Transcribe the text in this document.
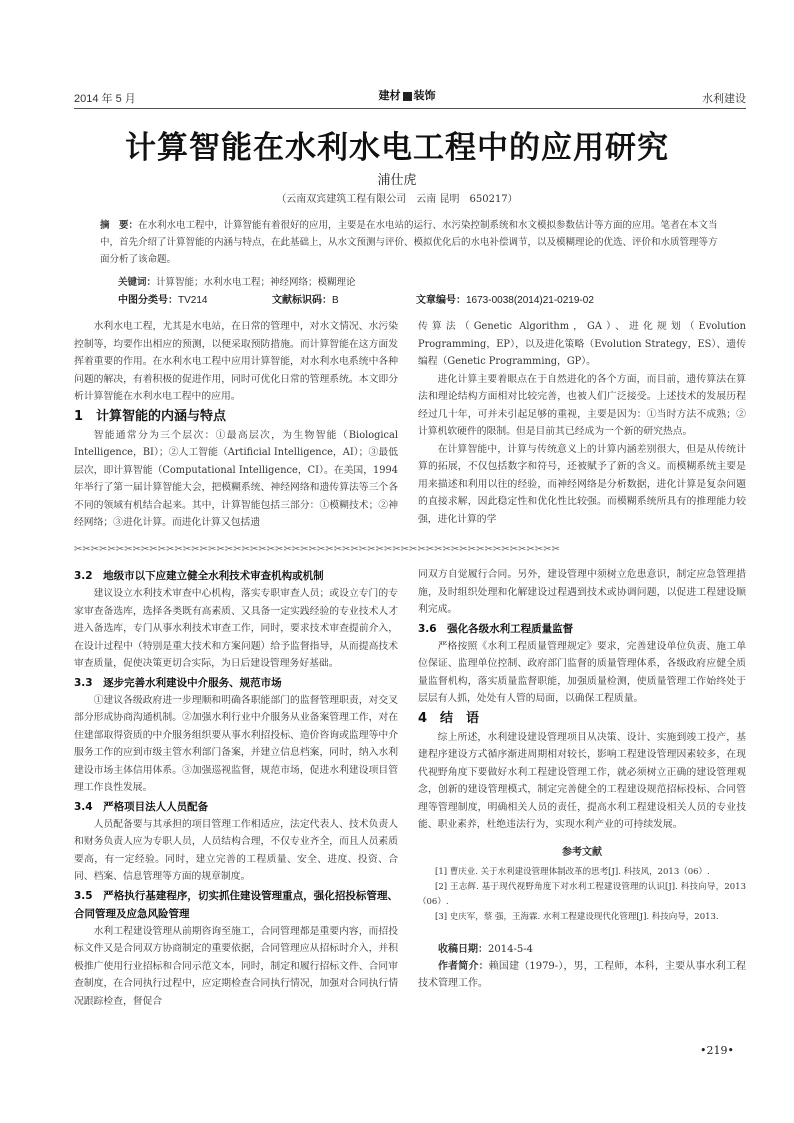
2014 年 5 月	建材 装饰	水利建设
计算智能在水利水电工程中的应用研究
浦仕虎
（云南双宾建筑工程有限公司　云南 昆明　650217）
摘　要：在水利水电工程中，计算智能有着很好的应用，主要是在水电站的运行、水污染控制系统和水文模拟参数估计等方面的应用。笔者在本文当中，首先介绍了计算智能的内涵与特点，在此基础上，从水文预测与评价、模拟优化后的水电补偿调节，以及模糊理论的优选、评价和水质管理等方面分析了该命题。
关键词：计算智能；水利水电工程；神经网络；模糊理论
中图分类号：TV214	文献标识码：B	文章编号：1673-0038(2014)21-0219-02

水利水电工程，尤其是水电站，在日常的管理中，对水文情况、水污染控制等，均要作出相应的预测，以便采取预防措施。而计算智能在这方面发挥着重要的作用。在水利水电工程中应用计算智能，对水利水电系统中各种问题的解决，有着积极的促进作用，同时可优化日常的管理系统。本文即分析计算智能在水利水电工程中的应用。

1　计算智能的内涵与特点

智能通常分为三个层次：①最高层次，为生物智能（Biological Intelligence，BI）；②人工智能（Artificial Intelligence，AI）；③最低层次，即计算智能（Computational Intelligence，CI）。在美国，1994年举行了第一届计算智能大会，把模糊系统、神经网络和遗传算法等三个各不同的领域有机结合起来。其中，计算智能包括三部分：①模糊技术；②神经网络；③进化计算。而进化计算又包括遗

传算法（Genetic Algorithm，GA）、进化规划（Evolution Programming，EP），以及进化策略（Evolution Strategy，ES）、遗传编程（Genetic Programming，GP）。

进化计算主要着眼点在于自然进化的各个方面，而目前，遗传算法在算法和理论结构方面相对比较完善，也被人们广泛接受。上述技术的发展历程经过几十年，可并未引起足够的重视，主要是因为：①当时方法不成熟；②计算机软硬件的限制。但是目前其已经成为一个新的研究热点。

在计算智能中，计算与传统意义上的计算内涵差别很大，但是从传统计算的拓展，不仅包括数字和符号，还被赋予了新的含义。而模糊系统主要是用来描述和利用以往的经验，而神经网络是分析数据，进化计算是复杂问题的直接求解，因此稳定性和优化性比较强。而模糊系统所具有的推理能力较强，进化计算的学

✂︎✂︎✂︎✂︎✂︎✂︎✂︎✂︎✂︎✂︎✂︎✂︎✂︎✂︎✂︎✂︎✂︎✂︎✂︎✂︎✂︎✂︎✂︎✂︎✂︎✂︎✂︎✂︎✂︎✂︎✂︎✂︎✂︎✂︎✂︎✂︎✂︎✂︎✂︎✂︎✂︎✂︎✂︎✂︎✂︎✂︎✂︎✂︎✂︎✂︎✂︎✂︎✂︎✂︎✂︎✂︎✂︎✂︎
3.2　地级市以下应建立健全水利技术审查机构或机制

建议设立水利技术审查中心机构，落实专职审查人员；或设立专门的专家审查备选库，选择各类既有高素质、又具备一定实践经验的专业技术人才进入备选库，专门从事水利技术审查工作，同时，要求技术审查提前介入，在设计过程中（特别是重大技术和方案问题）给予监督指导，从而提高技术审查质量，促使决策更切合实际，为日后建设管理务好基础。

3.3　逐步完善水利建设中介服务、规范市场

①建议各级政府进一步理顺和明确各职能部门的监督管理职责，对交叉部分形成协商沟通机制。②加强水利行业中介服务从业备案管理工作，对在住建部取得资质的中介服务组织要从事水利招投标、造价咨询或监理等中介服务工作的应到市级主管水利部门备案，并建立信息档案，同时，纳入水利建设市场主体信用体系。③加强巡视监督，规范市场，促进水利建设项目管理工作良性发展。

3.4　严格项目法人人员配备

人员配备要与其承担的项目管理工作相适应，法定代表人、技术负责人和财务负责人应为专职人员，人员结构合理，不仅专业齐全，而且人员素质要高，有一定经验。同时，建立完善的工程质量、安全、进度、投资、合同、档案、信息管理等方面的规章制度。

3.5　严格执行基建程序，切实抓住建设管理重点，强化招投标管理、合同管理及应急风险管理

水利工程建设管理从前期咨询至施工，合同管理都是重要内容，而招投标文件又是合同双方协商制定的重要依据，合同管理应从招标时介入，并积极推广使用行业招标和合同示范文本，同时，制定和履行招标文件、合同审查制度，在合同执行过程中，应定期检查合同执行情况，加强对合同执行情况跟踪检查，督促合

同双方自觉履行合同。另外，建设管理中须树立危患意识，制定应急管理措施，及时组织处理和化解建设过程遇到技术或协调问题，以促进工程建设顺利完成。

3.6　强化各级水利工程质量监督

严格按照《水利工程质量管理规定》要求，完善建设单位负责、施工单位保证、监理单位控制、政府部门监督的质量管理体系，各级政府应健全质量监督机构，落实质量监督职能，加强质量检测，使质量管理工作始终处于层层有人抓，处处有人管的局面，以确保工程质量。

4　结　语

综上所述，水利建设建设管理项目从决策、设计、实施到竣工投产，基建程序建设方式循序渐进周期相对较长，影响工程建设管理因素较多，在现代视野角度下要做好水利工程建设管理工作，就必须树立正确的建设管理观念，创新的建设管理模式，制定完善健全的工程建设规范招标投标、合同管理等管理制度，明确相关人员的责任，提高水利工程建设相关人员的专业技能、职业素养，杜绝违法行为，实现水利产业的可持续发展。

参考文献

[1] 曹庆业. 关于水利建设管理体制改革的思考[J]. 科技风，2013（06）.

[2] 王志辉. 基于现代视野角度下对水利工程建设管理的认识[J]. 科技向导，2013（06）.

[3] 史庆军，蔡 强，王海霖. 水利工程建设现代化管理[J]. 科技向导，2013.

收稿日期：2014-5-4

作者简介：赖国建（1979-），男，工程师，本科，主要从事水利工程技术管理工作。

•219•
